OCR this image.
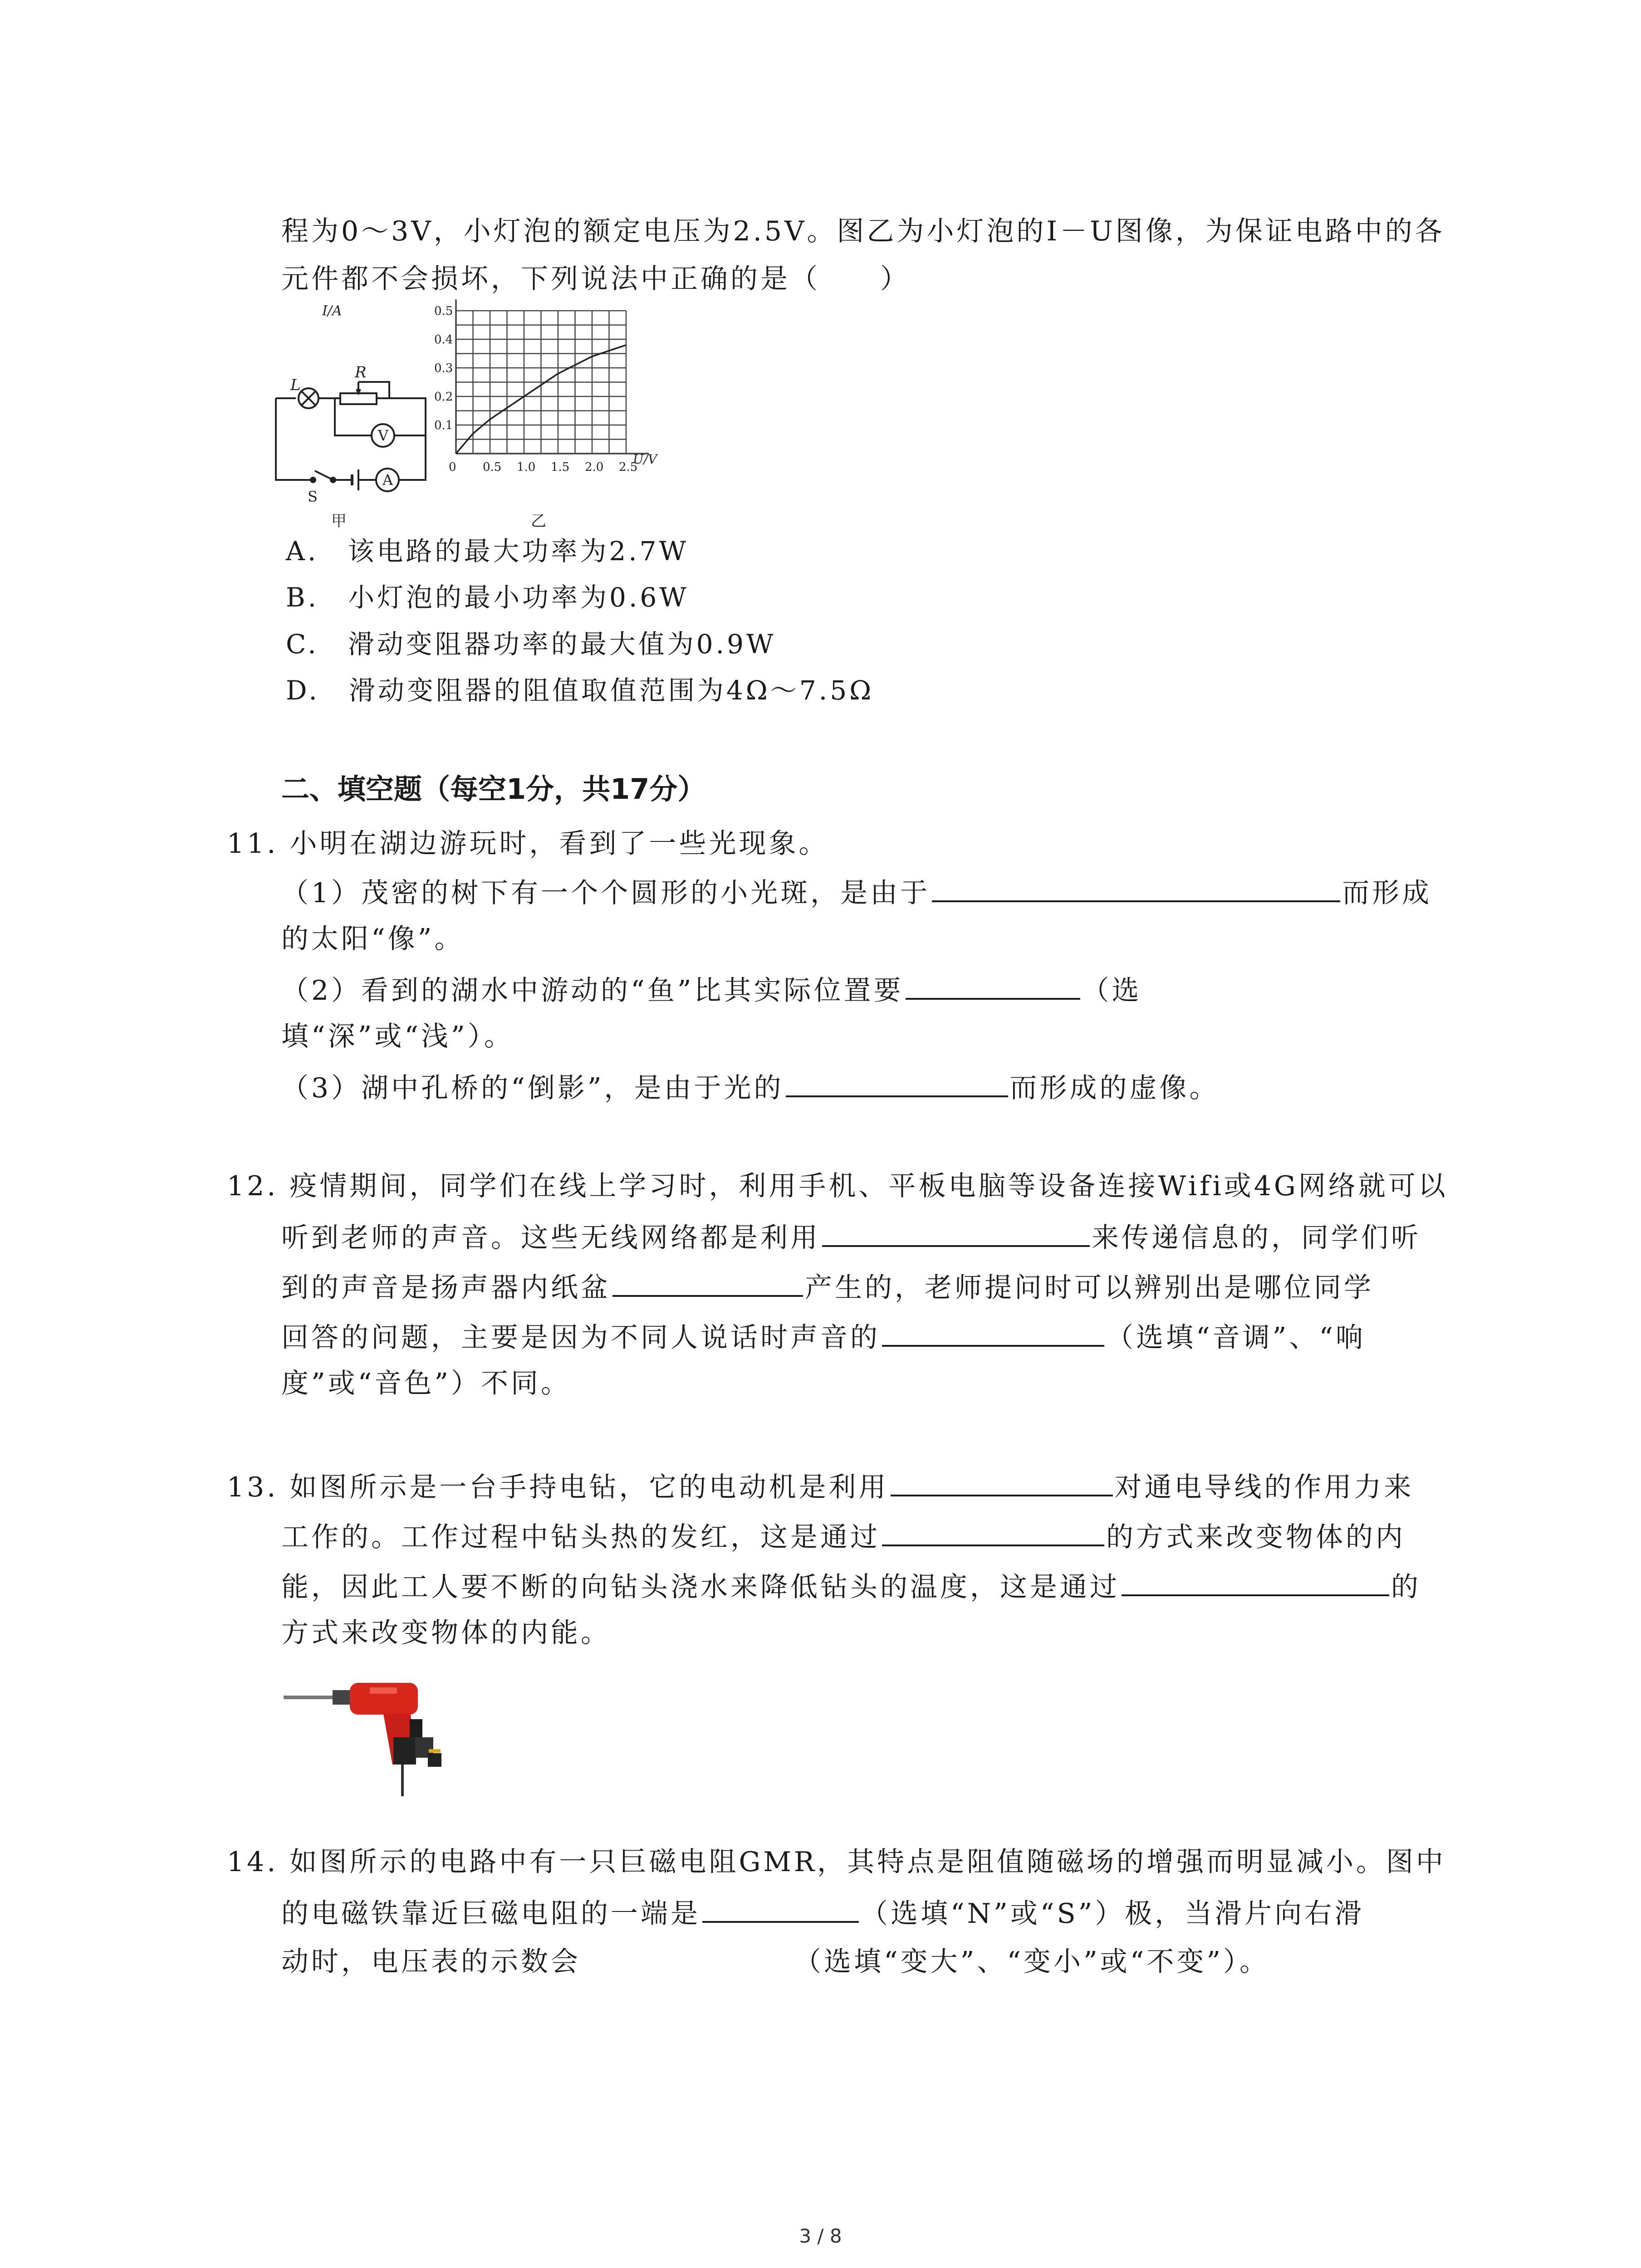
程为0～3V，小灯泡的额定电压为2.5V。图乙为小灯泡的I－U图像，为保证电路中的各
元件都不会损坏，下列说法中正确的是（　　）
L
R
V
A
S
甲	乙
0.1
0.2
0.3
0.4
0.5
0 0.5 1.0 1.5 2.0 2.5
I/A
U/V
A.　该电路的最大功率为2.7W
B.　小灯泡的最小功率为0.6W
C.　滑动变阻器功率的最大值为0.9W
D.　滑动变阻器的阻值取值范围为4Ω～7.5Ω
二、填空题（每空1分，共17分）
11. 小明在湖边游玩时，看到了一些光现象。
（1）茂密的树下有一个个圆形的小光斑，是由于	而形成
的太阳“像”。
（2）看到的湖水中游动的“鱼”比其实际位置要	（选
填“深”或“浅”）。
（3）湖中孔桥的“倒影”，是由于光的	而形成的虚像。
12. 疫情期间，同学们在线上学习时，利用手机、平板电脑等设备连接Wifi或4G网络就可以
听到老师的声音。这些无线网络都是利用	来传递信息的，同学们听
到的声音是扬声器内纸盆	产生的，老师提问时可以辨别出是哪位同学
回答的问题，主要是因为不同人说话时声音的	（选填“音调”、“响
度”或“音色”）不同。
13. 如图所示是一台手持电钻，它的电动机是利用	对通电导线的作用力来
工作的。工作过程中钻头热的发红，这是通过	的方式来改变物体的内
能，因此工人要不断的向钻头浇水来降低钻头的温度，这是通过	的
方式来改变物体的内能。
14. 如图所示的电路中有一只巨磁电阻GMR，其特点是阻值随磁场的增强而明显减小。图中
的电磁铁靠近巨磁电阻的一端是	（选填“N”或“S”）极，当滑片向右滑
动时，电压表的示数会	（选填“变大”、“变小”或“不变”）。
3 / 8
